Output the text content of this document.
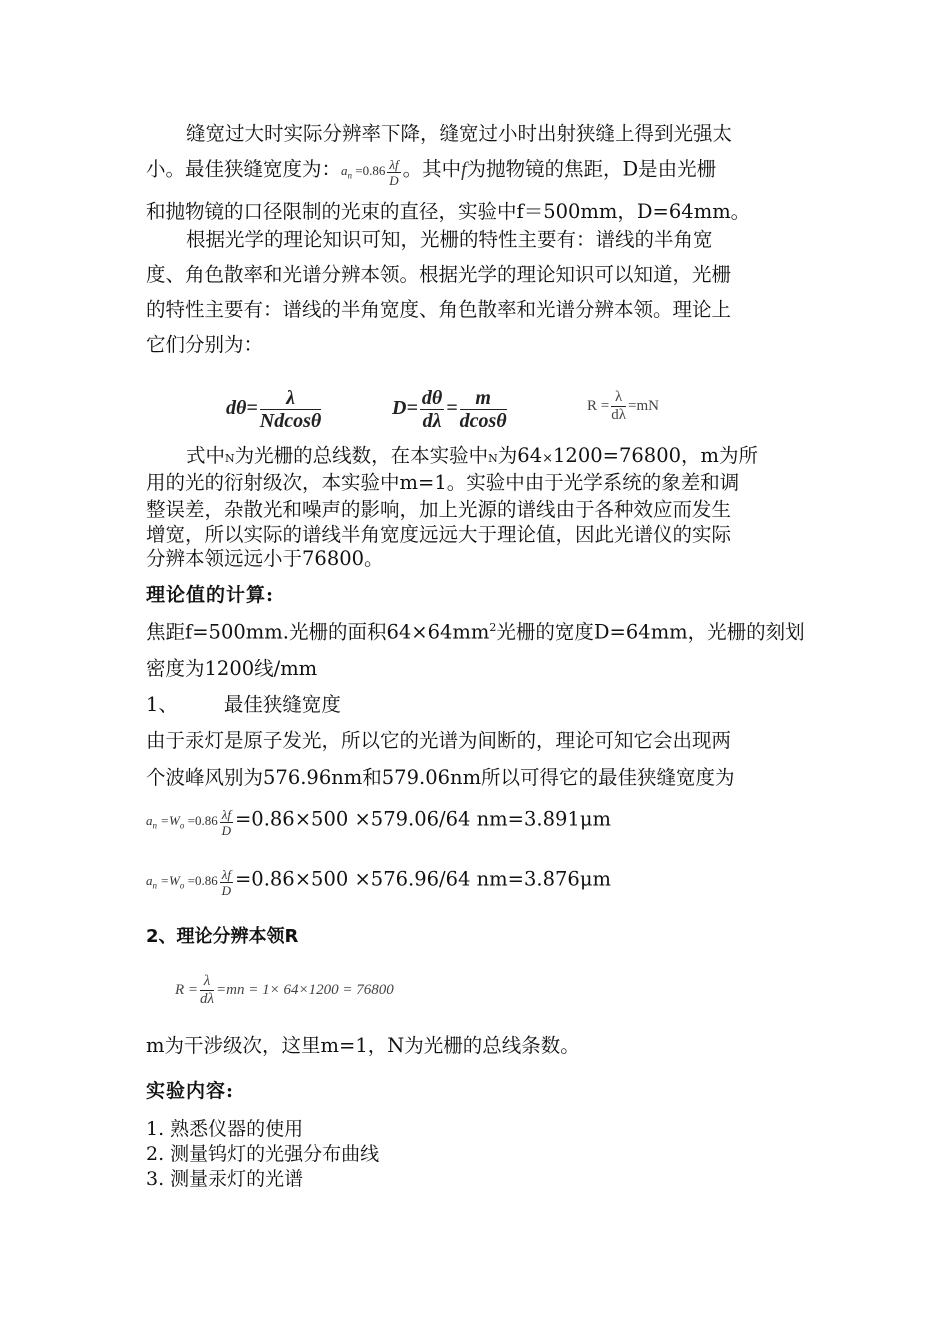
缝宽过大时实际分辨率下降，缝宽过小时出射狭缝上得到光强太
小。最佳狭缝宽度为：$a_n =0.86 \frac{\lambda f}{D}$ 。其中f为抛物镜的焦距，D是由光栅
和抛物镜的口径限制的光束的直径，实验中f＝500mm，D=64mm。
根据光学的理论知识可知，光栅的特性主要有：谱线的半角宽
度、角色散率和光谱分辨本领。根据光学的理论知识可以知道，光栅
的特性主要有：谱线的半角宽度、角色散率和光谱分辨本领。理论上
它们分别为：
$d\theta= \frac{\lambda}{Ndcos\theta}$	$D= \frac{d\theta}{d\lambda} = \frac{m}{dcos\theta}$	$R = \frac{\lambda}{d\lambda} =mN$
式中N为光栅的总线数，在本实验中N为64×1200=76800，m为所
用的光的衍射级次，本实验中m=1。实验中由于光学系统的象差和调
整误差，杂散光和噪声的影响，加上光源的谱线由于各种效应而发生
增宽，所以实际的谱线半角宽度远远大于理论值，因此光谱仪的实际
分辨本领远远小于76800。
理论值的计算:
焦距f=500mm.光栅的面积$64\times 64mm^2$光栅的宽度D=64mm，光栅的刻划
密度为1200线/mm
1、 最佳狭缝宽度
由于汞灯是原子发光，所以它的光谱为间断的，理论可知它会出现两
个波峰风别为576.96nm和579.06nm所以可得它的最佳狭缝宽度为
$a_n =W_o =0.86 \frac{\lambda f}{D} =0.86\times 500 \times 579.06/64$ nm=3.891μm
$a_n =W_o =0.86 \frac{\lambda f}{D} =0.86\times 500 \times 576.96/64$ nm=3.876μm
2、理论分辨本领R
$R = \frac{\lambda}{d\lambda} =mn = 1\times 64\times 1200 = 76800$
m为干涉级次，这里m=1，N为光栅的总线条数。
实验内容:
1. 熟悉仪器的使用
2. 测量钨灯的光强分布曲线
3. 测量汞灯的光谱
